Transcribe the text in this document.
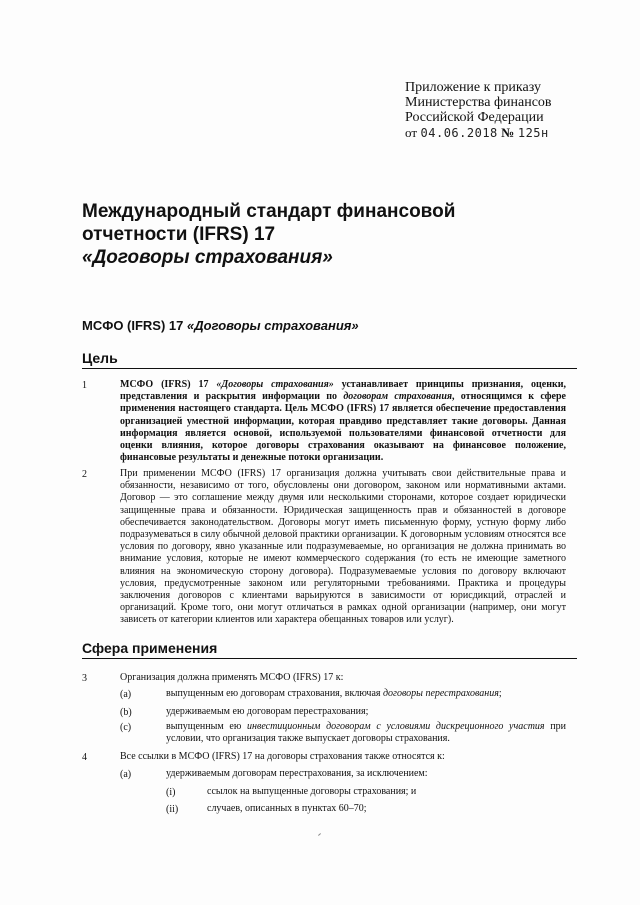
Приложение к приказу
Министерства финансов
Российской Федерации
от 04.06.2018 № 125н
Международный стандарт финансовой
отчетности (IFRS) 17
«Договоры страхования»
МСФО (IFRS) 17 «Договоры страхования»
Цель
1	МСФО (IFRS) 17 «Договоры страхования» устанавливает принципы признания, оценки, представления и раскрытия информации по договорам страхования, относящимся к сфере применения настоящего стандарта. Цель МСФО (IFRS) 17 является обеспечение предоставления организацией уместной информации, которая правдиво представляет такие договоры. Данная информация является основой, используемой пользователями финансовой отчетности для оценки влияния, которое договоры страхования оказывают на финансовое положение, финансовые результаты и денежные потоки организации.
2	При применении МСФО (IFRS) 17 организация должна учитывать свои действительные права и обязанности, независимо от того, обусловлены они договором, законом или нормативными актами. Договор — это соглашение между двумя или несколькими сторонами, которое создает юридически защищенные права и обязанности. Юридическая защищенность прав и обязанностей в договоре обеспечивается законодательством. Договоры могут иметь письменную форму, устную форму либо подразумеваться в силу обычной деловой практики организации. К договорным условиям относятся все условия по договору, явно указанные или подразумеваемые, но организация не должна принимать во внимание условия, которые не имеют коммерческого содержания (то есть не имеющие заметного влияния на экономическую сторону договора). Подразумеваемые условия по договору включают условия, предусмотренные законом или регуляторными требованиями. Практика и процедуры заключения договоров с клиентами варьируются в зависимости от юрисдикций, отраслей и организаций. Кроме того, они могут отличаться в рамках одной организации (например, они могут зависеть от категории клиентов или характера обещанных товаров или услуг).
Сфера применения
3	Организация должна применять МСФО (IFRS) 17 к:
(a)	выпущенным ею договорам страхования, включая договоры перестрахования;
(b)	удерживаемым ею договорам перестрахования;
(c)	выпущенным ею инвестиционным договорам с условиями дискреционного участия при условии, что организация также выпускает договоры страхования.
4	Все ссылки в МСФО (IFRS) 17 на договоры страхования также относятся к:
(a)	удерживаемым договорам перестрахования, за исключением:
(i)	ссылок на выпущенные договоры страхования; и
(ii)	случаев, описанных в пунктах 60–70;
